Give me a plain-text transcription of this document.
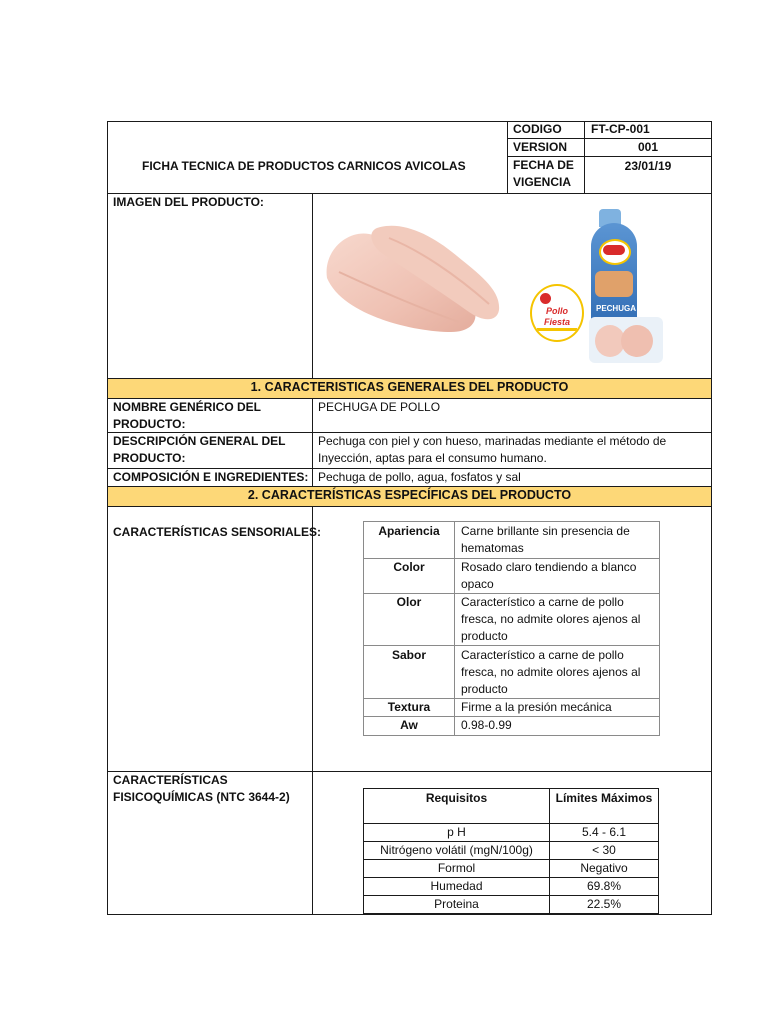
FICHA TECNICA DE PRODUCTOS CARNICOS AVICOLAS
CODIGO FT-CP-001
VERSION	001
FECHA DE VIGENCIA
23/01/19
IMAGEN DEL PRODUCTO:
Pollo Fiesta
PECHUGA
1. CARACTERISTICAS GENERALES DEL PRODUCTO
NOMBRE GENÉRICO DEL PRODUCTO:
PECHUGA DE POLLO
DESCRIPCIÓN GENERAL DEL PRODUCTO:
Pechuga con piel y con hueso, marinadas mediante el método de Inyección, aptas para el consumo humano.
COMPOSICIÓN E INGREDIENTES: Pechuga de pollo, agua, fosfatos y sal
2. CARACTERÍSTICAS ESPECÍFICAS DEL PRODUCTO
CARACTERÍSTICAS SENSORIALES:	Apariencia	Carne brillante sin presencia de hematomas
Color	Rosado claro tendiendo a blanco opaco
Olor	Característico a carne de pollo fresca, no admite olores ajenos al producto
Sabor	Característico a carne de pollo fresca, no admite olores ajenos al producto
Textura	Firme a la presión mecánica
Aw	0.98-0.99
CARACTERÍSTICAS FISICOQUÍMICAS (NTC 3644-2)	Requisitos	Límites Máximos
p H	5.4 - 6.1
Nitrógeno volátil (mgN/100g)	< 30
Formol	Negativo
Humedad	69.8%
Proteina	22.5%
